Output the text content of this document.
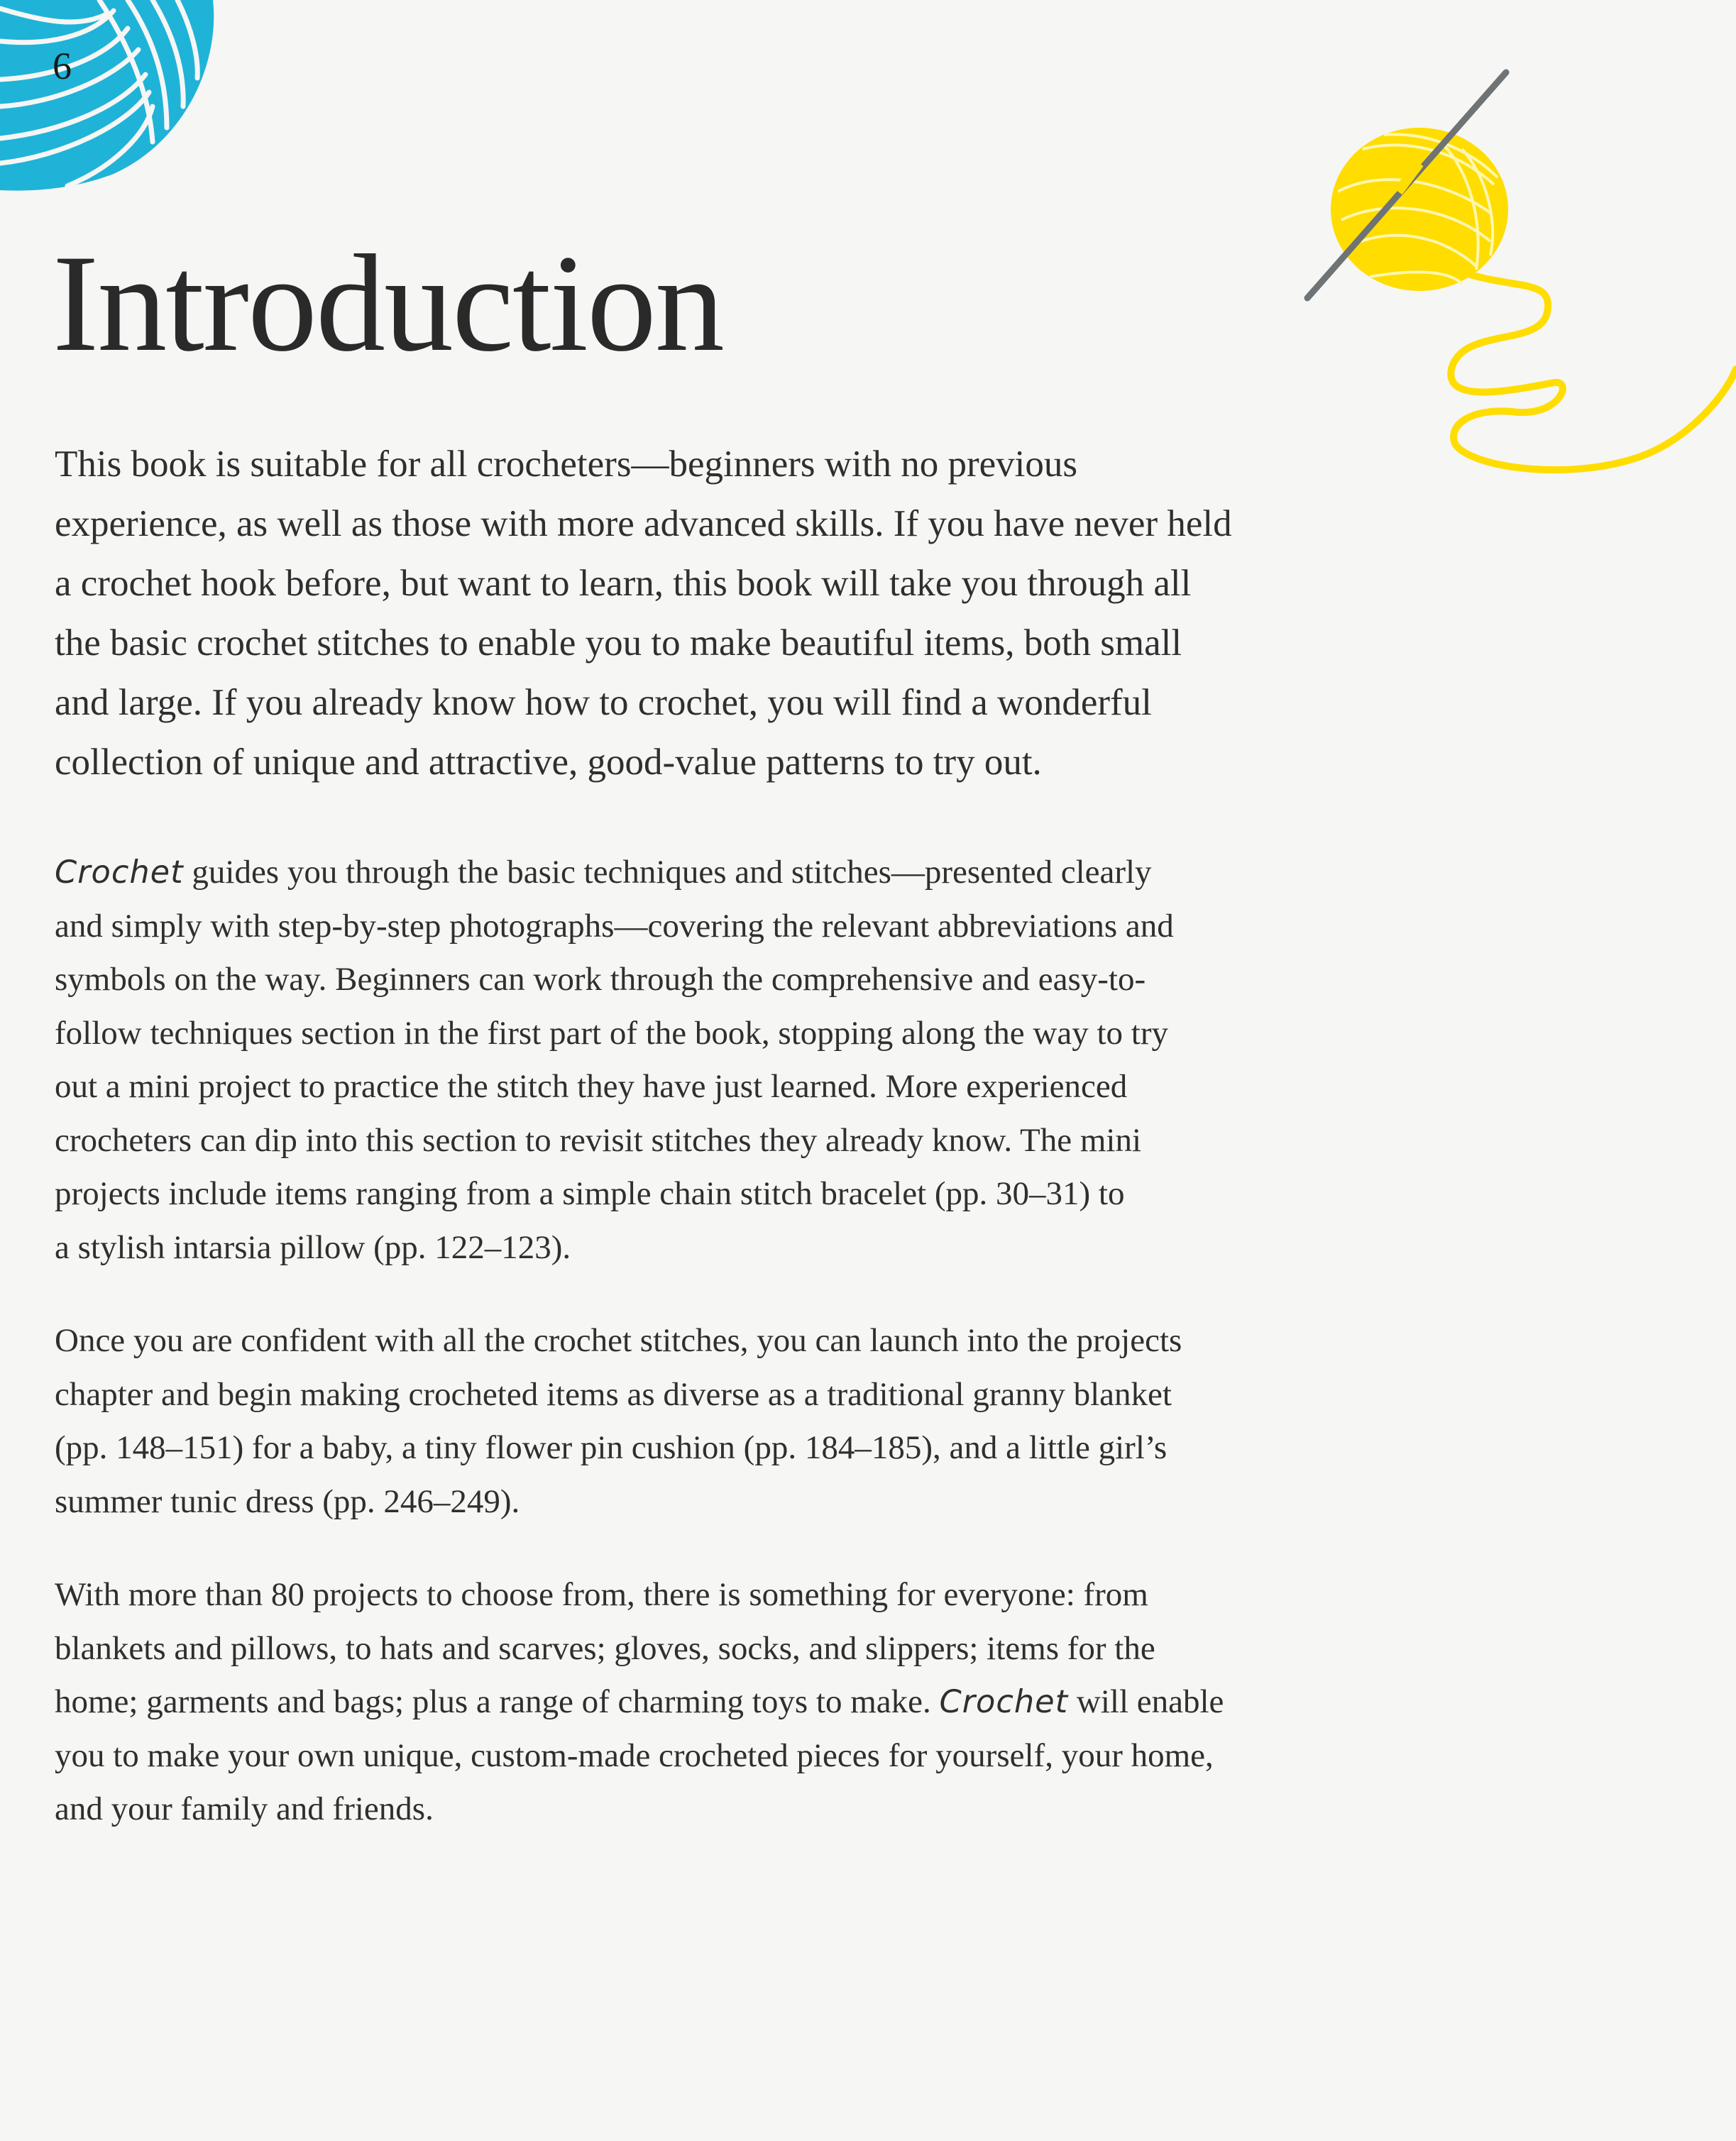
6
Introduction
This book is suitable for all crocheters—beginners with no previous
experience, as well as those with more advanced skills. If you have never held
a crochet hook before, but want to learn, this book will take you through all
the basic crochet stitches to enable you to make beautiful items, both small
and large. If you already know how to crochet, you will find a wonderful
collection of unique and attractive, good-value patterns to try out.
Crochet guides you through the basic techniques and stitches—presented clearly
and simply with step-by-step photographs—covering the relevant abbreviations and
symbols on the way. Beginners can work through the comprehensive and easy-to-
follow techniques section in the first part of the book, stopping along the way to try
out a mini project to practice the stitch they have just learned. More experienced
crocheters can dip into this section to revisit stitches they already know. The mini
projects include items ranging from a simple chain stitch bracelet (pp. 30–31) to
a stylish intarsia pillow (pp. 122–123).
Once you are confident with all the crochet stitches, you can launch into the projects
chapter and begin making crocheted items as diverse as a traditional granny blanket
(pp. 148–151) for a baby, a tiny flower pin cushion (pp. 184–185), and a little girl’s
summer tunic dress (pp. 246–249).
With more than 80 projects to choose from, there is something for everyone: from
blankets and pillows, to hats and scarves; gloves, socks, and slippers; items for the
home; garments and bags; plus a range of charming toys to make. Crochet will enable
you to make your own unique, custom-made crocheted pieces for yourself, your home,
and your family and friends.
